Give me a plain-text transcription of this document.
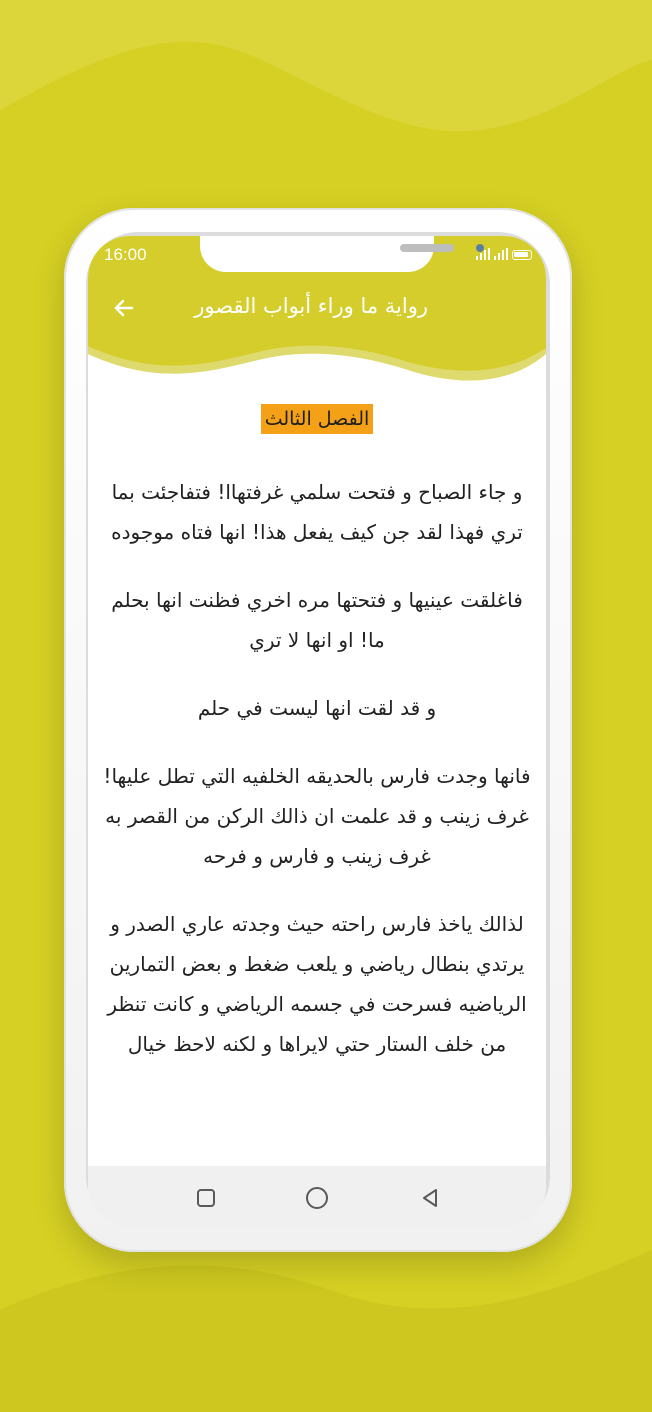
16:00
رواية ما وراء أبواب القصور
الفصل الثالث

و جاء الصباح و فتحت سلمي غرفتهاا! فتفاجئت بما تري فهذا لقد جن كيف يفعل هذا! انها فتاه موجوده

فاغلقت عينيها و فتحتها مره اخري فظنت انها بحلم ما! او انها لا تري

و قد لقت انها ليست في حلم

فانها وجدت فارس بالحديقه الخلفيه التي تطل عليها! غرف زينب و قد علمت ان ذالك الركن من القصر به غرف زينب و فارس و فرحه

لذالك ياخذ فارس راحته حيث وجدته عاري الصدر و يرتدي بنطال رياضي و يلعب ضغط و بعض التمارين الرياضيه فسرحت في جسمه الرياضي و كانت تنظر من خلف الستار حتي لايراها و لكنه لاحظ خيال
